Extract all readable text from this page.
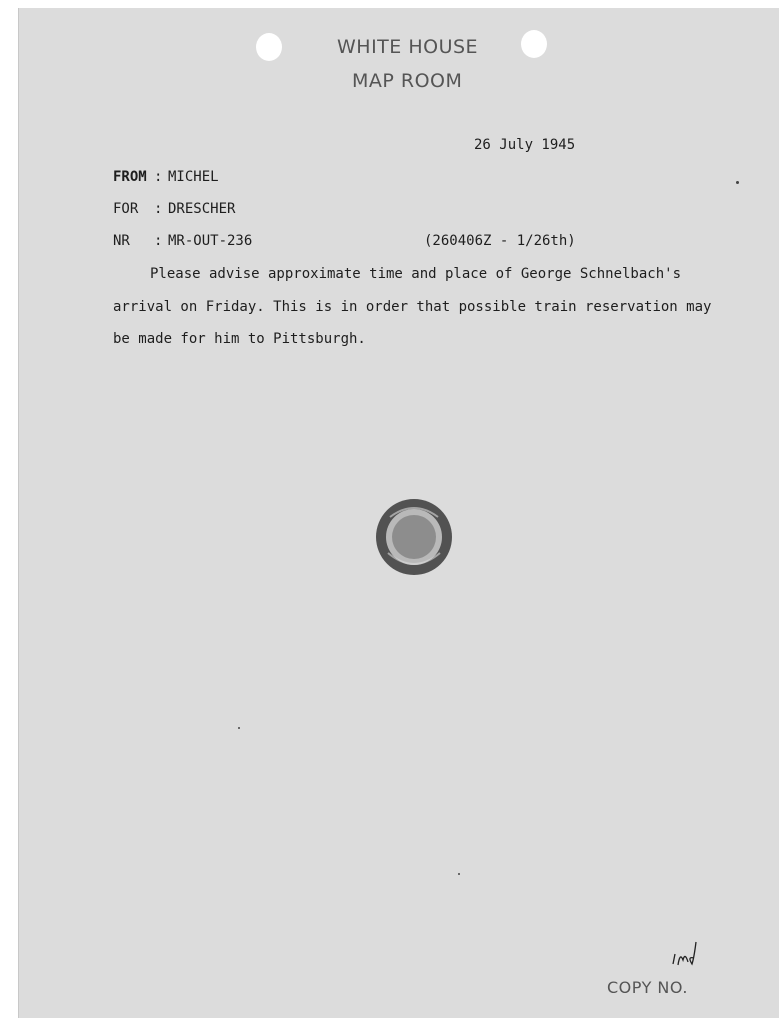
WHITE HOUSE
MAP ROOM
26 July 1945
FROM : MICHEL
FOR : DRESCHER
NR : MR-OUT-236	(260406Z - 1/26th)
Please advise approximate time and place of George Schnelbach's
arrival on Friday. This is in order that possible train reservation may
be made for him to Pittsburgh.
COPY NO.
